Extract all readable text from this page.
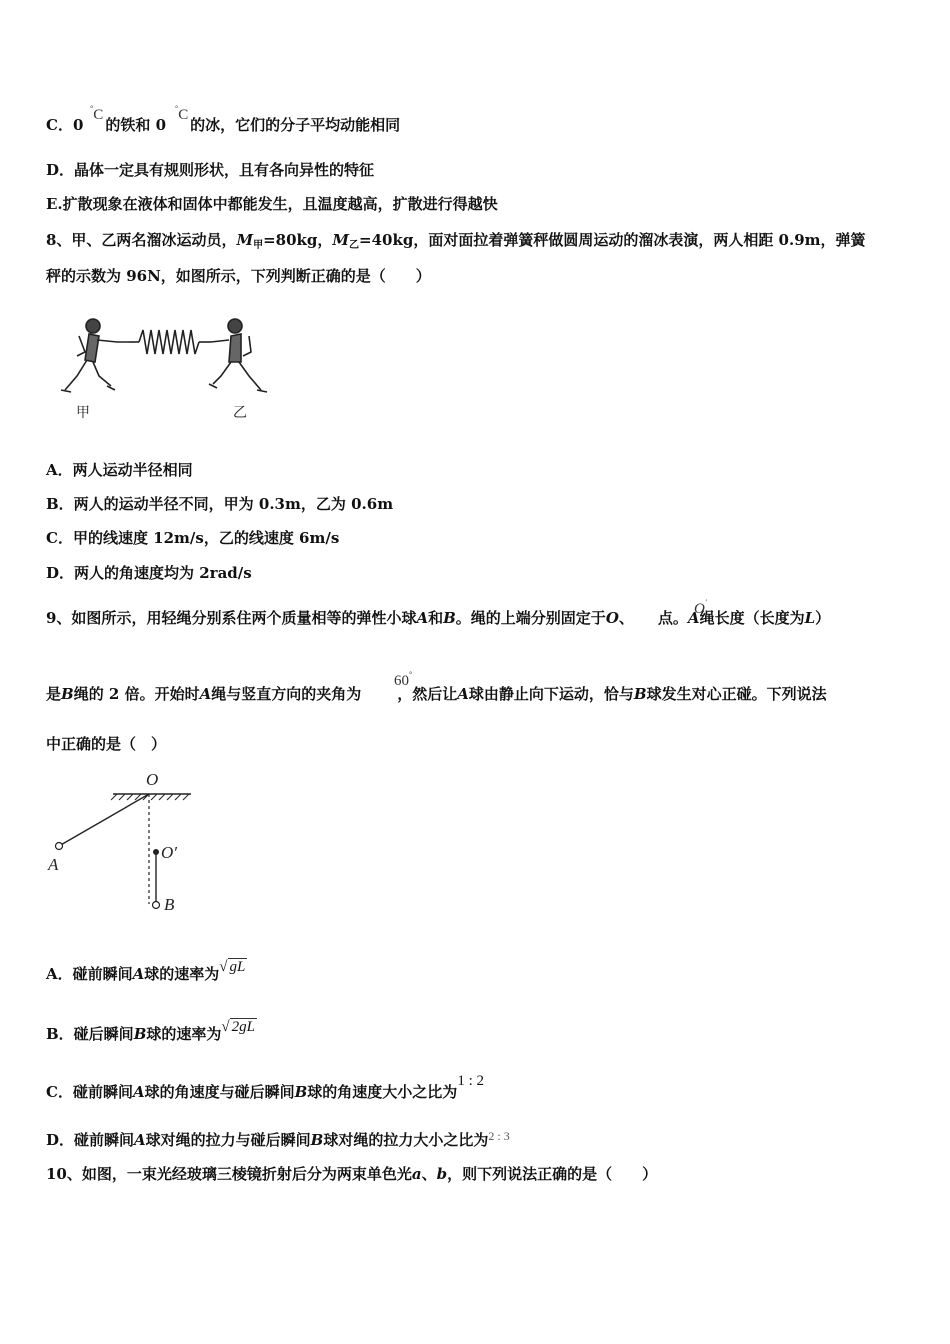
C．0 的铁和 0 的冰，它们的分子平均动能相同
°C	°C
D．晶体一定具有规则形状，且有各向异性的特征
E.扩散现象在液体和固体中都能发生，且温度越高，扩散进行得越快
8、甲、乙两名溜冰运动员，$M_甲=80kg$，$M_乙=40kg$，面对面拉着弹簧秤做圆周运动的溜冰表演，两人相距 0.9m，弹簧
秤的示数为 96N，如图所示，下列判断正确的是（　　）
甲	乙
A．两人运动半径相同
B．两人的运动半径不同，甲为 0.3m，乙为 0.6m
C．甲的线速度 12m/s，乙的线速度 6m/s
D．两人的角速度均为 2rad/s
9、如图所示，用轻绳分别系住两个质量相等的弹性小球A和B。绳的上端分别固定于O、 点。A绳长度（长度为L）
O′
是B绳的 2 倍。开始时A绳与竖直方向的夹角为 ，然后让A球由静止向下运动，恰与B球发生对心正碰。下列说法
60°
中正确的是（　）
O
O′
A
B
A．碰前瞬间A球的速率为√ gL
B．碰后瞬间B球的速率为√ 2gL
C．碰前瞬间A球的角速度与碰后瞬间B球的角速度大小之比为1 : 2
D．碰前瞬间A球对绳的拉力与碰后瞬间B球对绳的拉力大小之比为$^{2 : 3}$
10、如图，一束光经玻璃三棱镜折射后分为两束单色光a、b，则下列说法正确的是（　　）
